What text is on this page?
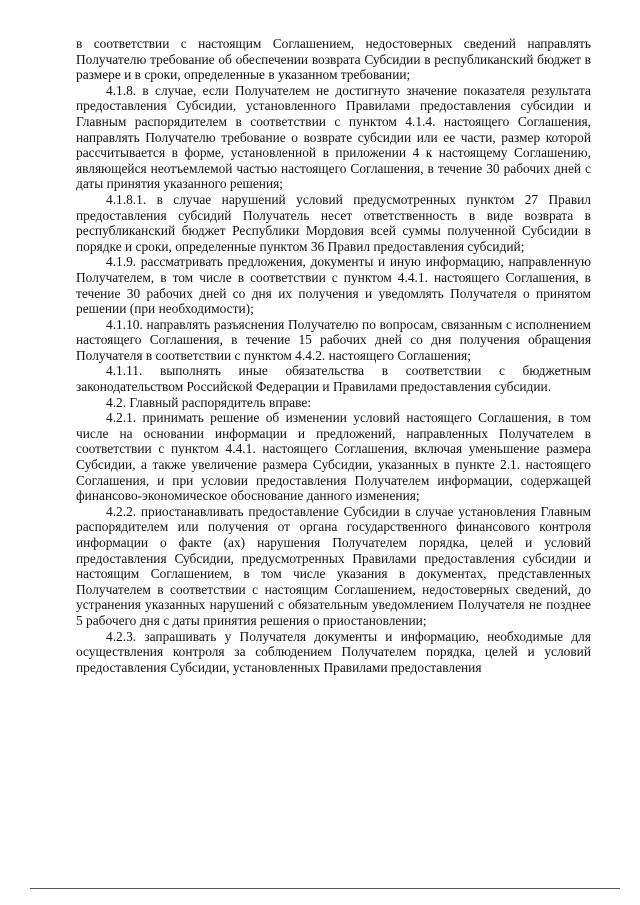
в соответствии с настоящим Соглашением, недостоверных сведений направлять Получателю требование об обеспечении возврата Субсидии в республиканский бюджет в размере и в сроки, определенные в указанном требовании;

4.1.8. в случае, если Получателем не достигнуто значение показателя результата предоставления Субсидии, установленного Правилами предоставления субсидии и Главным распорядителем в соответствии с пунктом 4.1.4. настоящего Соглашения, направлять Получателю требование о возврате субсидии или ее части, размер которой рассчитывается в форме, установленной в приложении 4 к настоящему Соглашению, являющейся неотъемлемой частью настоящего Соглашения, в течение 30 рабочих дней с даты принятия указанного решения;

4.1.8.1. в случае нарушений условий предусмотренных пунктом 27 Правил предоставления субсидий Получатель несет ответственность в виде возврата в республиканский бюджет Республики Мордовия всей суммы полученной Субсидии в порядке и сроки, определенные пунктом 36 Правил предоставления субсидий;

4.1.9. рассматривать предложения, документы и иную информацию, направленную Получателем, в том числе в соответствии с пунктом 4.4.1. настоящего Соглашения, в течение 30 рабочих дней со дня их получения и уведомлять Получателя о принятом решении (при необходимости);

4.1.10. направлять разъяснения Получателю по вопросам, связанным с исполнением настоящего Соглашения, в течение 15 рабочих дней со дня получения обращения Получателя в соответствии с пунктом 4.4.2. настоящего Соглашения;

4.1.11. выполнять иные обязательства в соответствии с бюджетным законодательством Российской Федерации и Правилами предоставления субсидии.

4.2. Главный распорядитель вправе:

4.2.1. принимать решение об изменении условий настоящего Соглашения, в том числе на основании информации и предложений, направленных Получателем в соответствии с пунктом 4.4.1. настоящего Соглашения, включая уменьшение размера Субсидии, а также увеличение размера Субсидии, указанных в пункте 2.1. настоящего Соглашения, и при условии предоставления Получателем информации, содержащей финансово-экономическое обоснование данного изменения;

4.2.2. приостанавливать предоставление Субсидии в случае установления Главным распорядителем или получения от органа государственного финансового контроля информации о факте (ах) нарушения Получателем порядка, целей и условий предоставления Субсидии, предусмотренных Правилами предоставления субсидии и настоящим Соглашением, в том числе указания в документах, представленных Получателем в соответствии с настоящим Соглашением, недостоверных сведений, до устранения указанных нарушений с обязательным уведомлением Получателя не позднее 5 рабочего дня с даты принятия решения о приостановлении;

4.2.3. запрашивать у Получателя документы и информацию, необходимые для осуществления контроля за соблюдением Получателем порядка, целей и условий предоставления Субсидии, установленных Правилами предоставления
